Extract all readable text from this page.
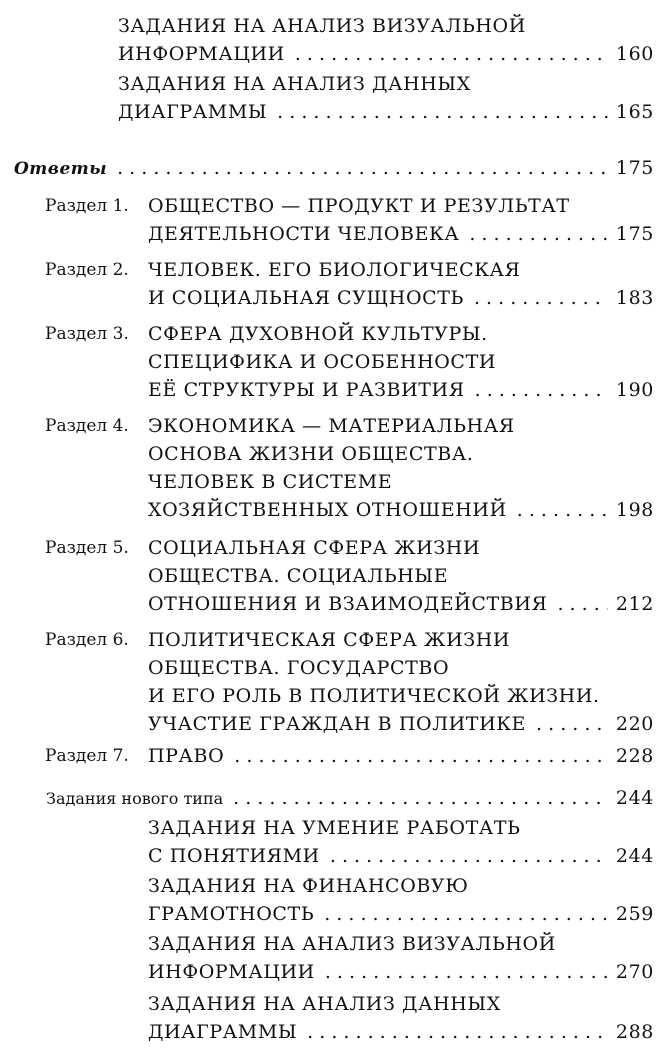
ЗАДАНИЯ НА АНАЛИЗ ВИЗУАЛЬНОЙ
ИНФОРМАЦИИ . . .	160
ЗАДАНИЯ НА АНАЛИЗ ДАННЫХ
ДИАГРАММЫ . . .	165
Ответы . . .	175
Раздел 1. ОБЩЕСТВО — ПРОДУКТ И РЕЗУЛЬТАТ
ДЕЯТЕЛЬНОСТИ ЧЕЛОВЕКА . . .	175
Раздел 2. ЧЕЛОВЕК. ЕГО БИОЛОГИЧЕСКАЯ
И СОЦИАЛЬНАЯ СУЩНОСТЬ . . .	183
Раздел 3. СФЕРА ДУХОВНОЙ КУЛЬТУРЫ.
СПЕЦИФИКА И ОСОБЕННОСТИ
ЕЁ СТРУКТУРЫ И РАЗВИТИЯ . . .	190
Раздел 4. ЭКОНОМИКА — МАТЕРИАЛЬНАЯ
ОСНОВА ЖИЗНИ ОБЩЕСТВА.
ЧЕЛОВЕК В СИСТЕМЕ
ХОЗЯЙСТВЕННЫХ ОТНОШЕНИЙ . . .	198
Раздел 5. СОЦИАЛЬНАЯ СФЕРА ЖИЗНИ
ОБЩЕСТВА. СОЦИАЛЬНЫЕ
ОТНОШЕНИЯ И ВЗАИМОДЕЙСТВИЯ . . .	212
Раздел 6. ПОЛИТИЧЕСКАЯ СФЕРА ЖИЗНИ
ОБЩЕСТВА. ГОСУДАРСТВО
И ЕГО РОЛЬ В ПОЛИТИЧЕСКОЙ ЖИЗНИ.
УЧАСТИЕ ГРАЖДАН В ПОЛИТИКЕ . . .	220
Раздел 7. ПРАВО . . .	228
Задания нового типа . . .	244
ЗАДАНИЯ НА УМЕНИЕ РАБОТАТЬ
С ПОНЯТИЯМИ . . .	244
ЗАДАНИЯ НА ФИНАНСОВУЮ
ГРАМОТНОСТЬ . . .	259
ЗАДАНИЯ НА АНАЛИЗ ВИЗУАЛЬНОЙ
ИНФОРМАЦИИ . . .	270
ЗАДАНИЯ НА АНАЛИЗ ДАННЫХ
ДИАГРАММЫ . . .	288
